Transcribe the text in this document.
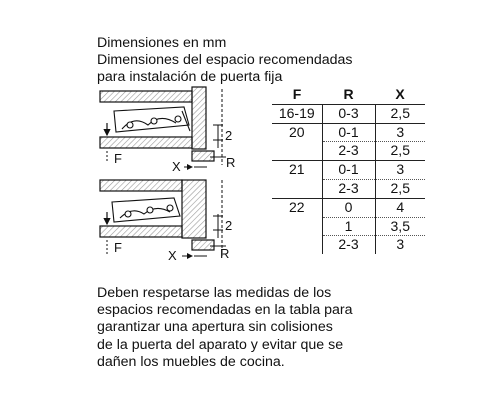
Dimensiones en mm
Dimensiones del espacio recomendadas
para instalación de puerta fija
2
F
X	R
2
F
X	R
F	R	X
16-19	0-3	2,5
20	0-1	3
	2-3	2,5
21	0-1	3
	2-3	2,5
22	0	4
	1	3,5
	2-3	3
Deben respetarse las medidas de los
espacios recomendadas en la tabla para
garantizar una apertura sin colisiones
de la puerta del aparato y evitar que se
dañen los muebles de cocina.
